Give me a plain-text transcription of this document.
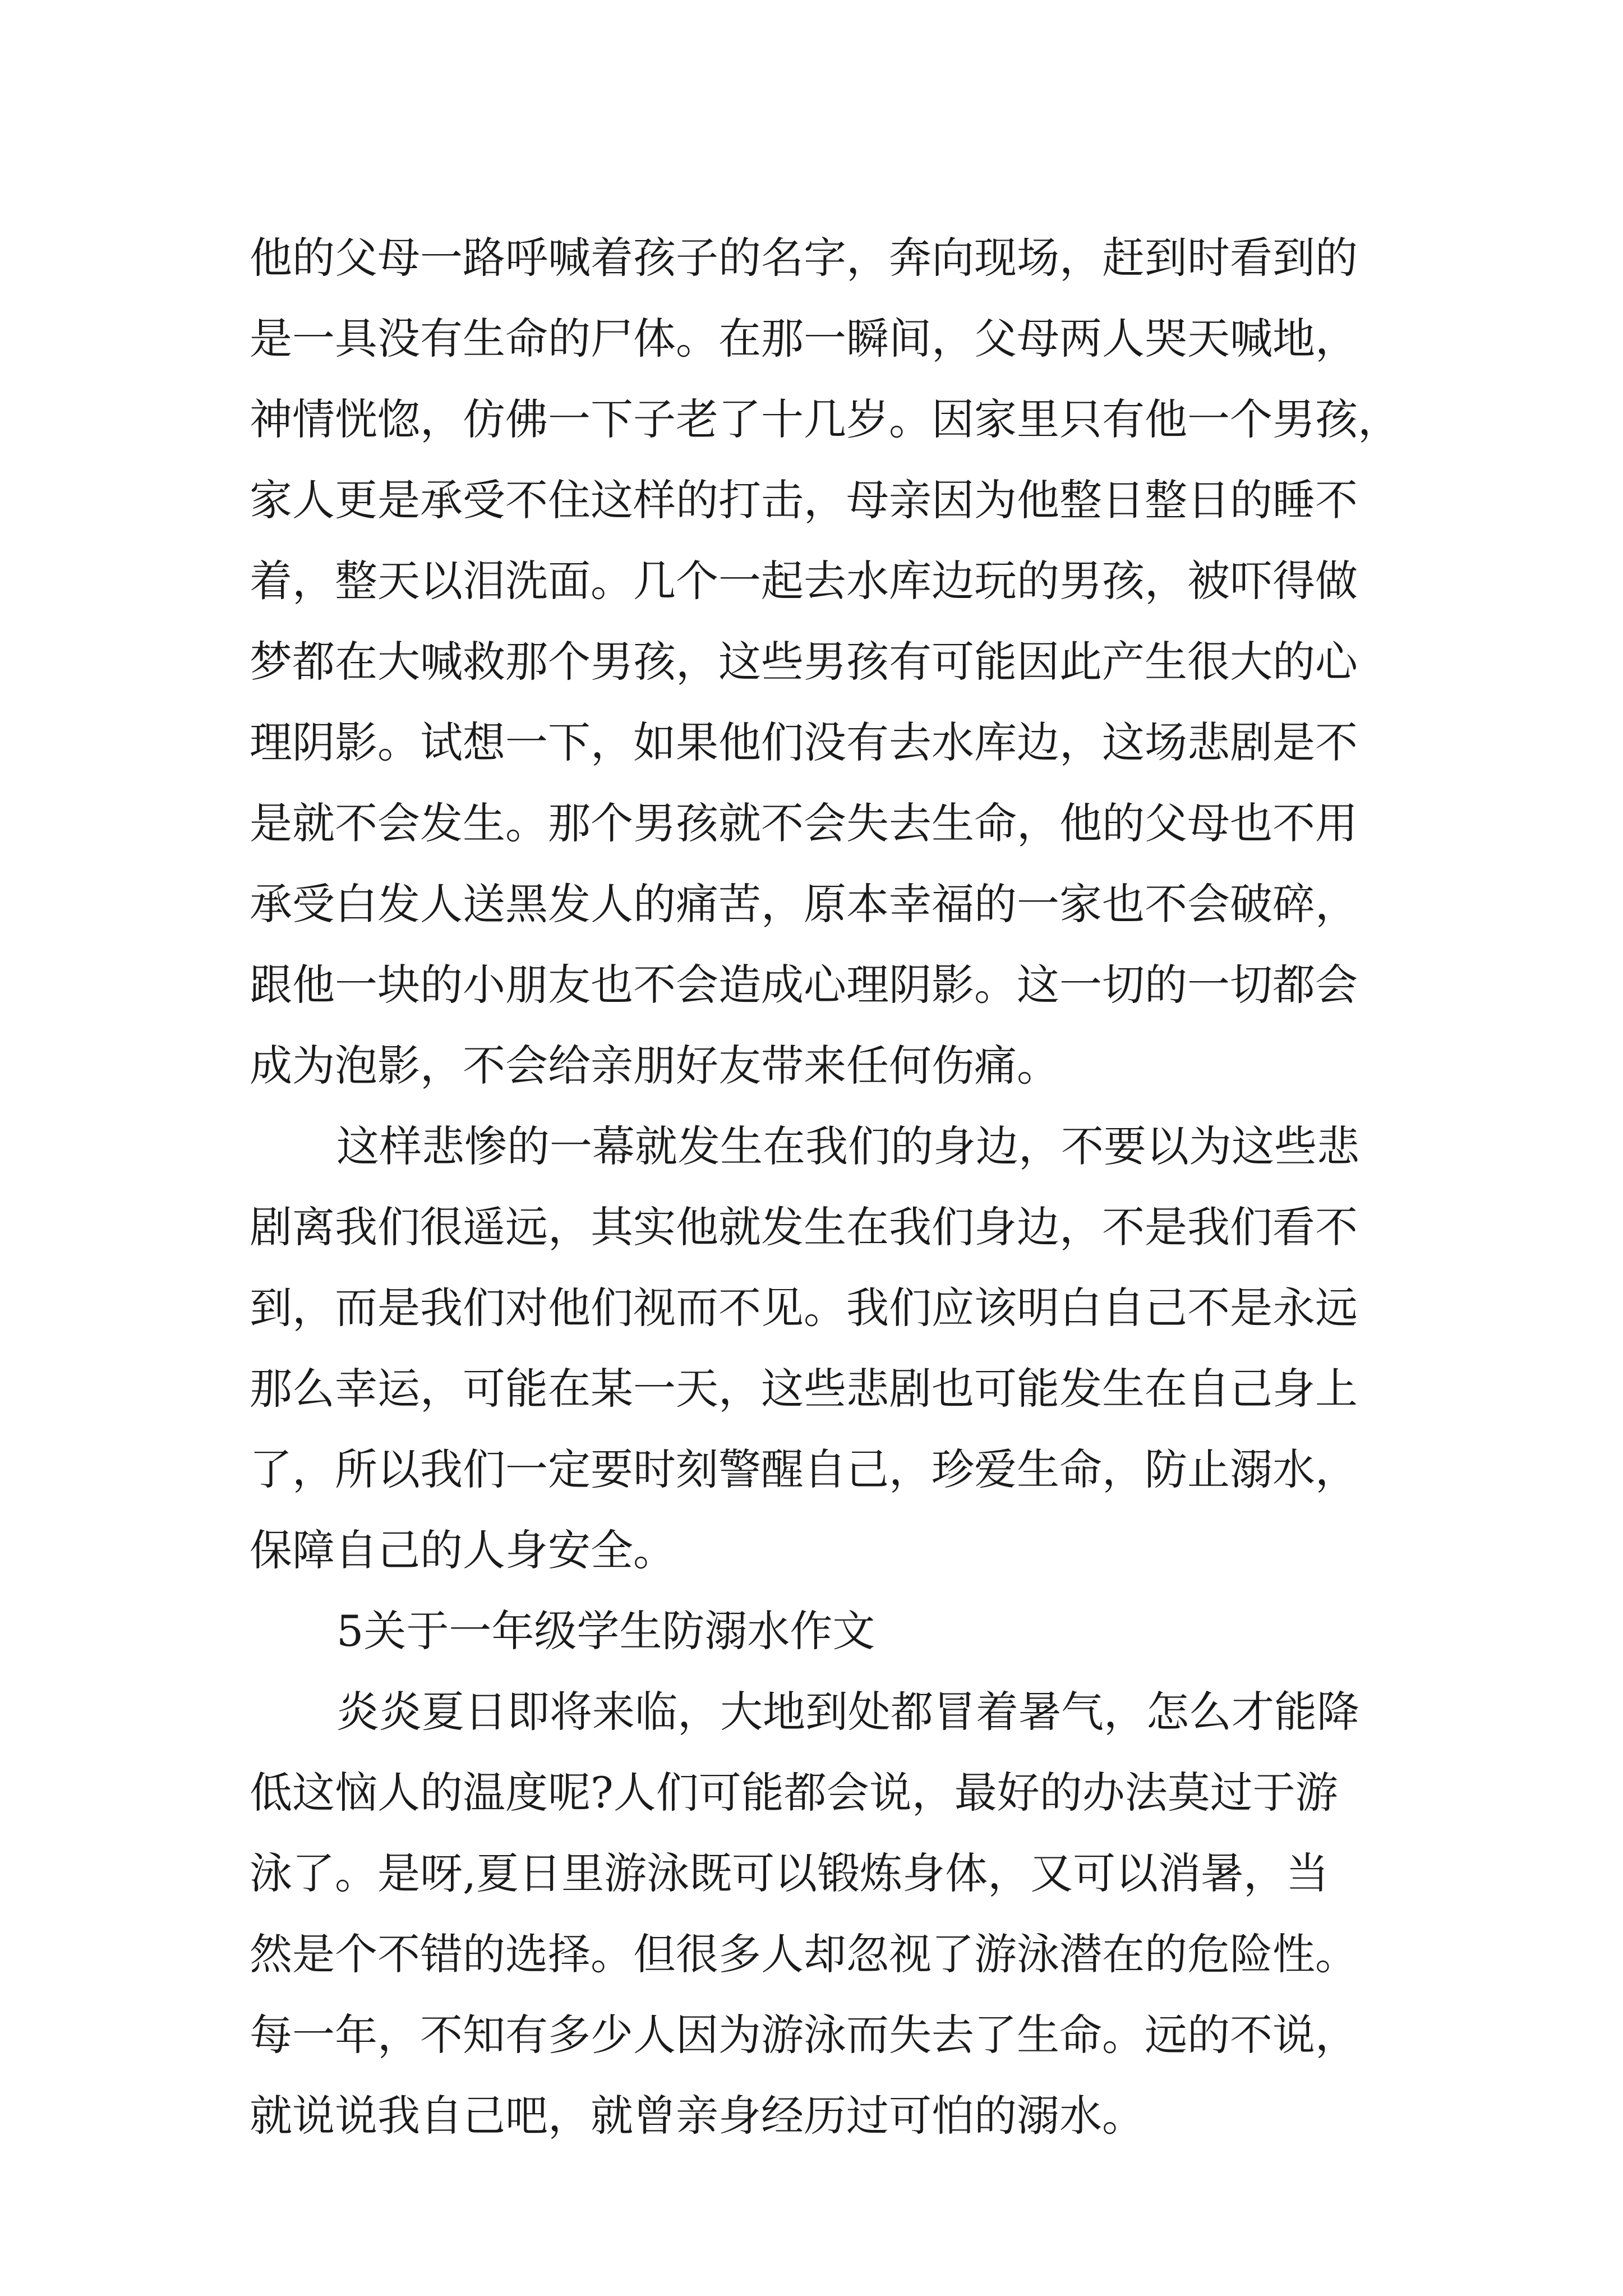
他的父母一路呼喊着孩子的名字，奔向现场，赶到时看到的
是一具没有生命的尸体。在那一瞬间，父母两人哭天喊地，
神情恍惚，仿佛一下子老了十几岁。因家里只有他一个男孩，
家人更是承受不住这样的打击，母亲因为他整日整日的睡不
着，整天以泪洗面。几个一起去水库边玩的男孩，被吓得做
梦都在大喊救那个男孩，这些男孩有可能因此产生很大的心
理阴影。试想一下，如果他们没有去水库边，这场悲剧是不
是就不会发生。那个男孩就不会失去生命，他的父母也不用
承受白发人送黑发人的痛苦，原本幸福的一家也不会破碎，
跟他一块的小朋友也不会造成心理阴影。这一切的一切都会
成为泡影，不会给亲朋好友带来任何伤痛。
这样悲惨的一幕就发生在我们的身边，不要以为这些悲
剧离我们很遥远，其实他就发生在我们身边，不是我们看不
到，而是我们对他们视而不见。我们应该明白自己不是永远
那么幸运，可能在某一天，这些悲剧也可能发生在自己身上
了，所以我们一定要时刻警醒自己，珍爱生命，防止溺水，
保障自己的人身安全。
5关于一年级学生防溺水作文
炎炎夏日即将来临，大地到处都冒着暑气，怎么才能降
低这恼人的温度呢?人们可能都会说，最好的办法莫过于游
泳了。是呀,夏日里游泳既可以锻炼身体，又可以消暑，当
然是个不错的选择。但很多人却忽视了游泳潜在的危险性。
每一年，不知有多少人因为游泳而失去了生命。远的不说，
就说说我自己吧，就曾亲身经历过可怕的溺水。
